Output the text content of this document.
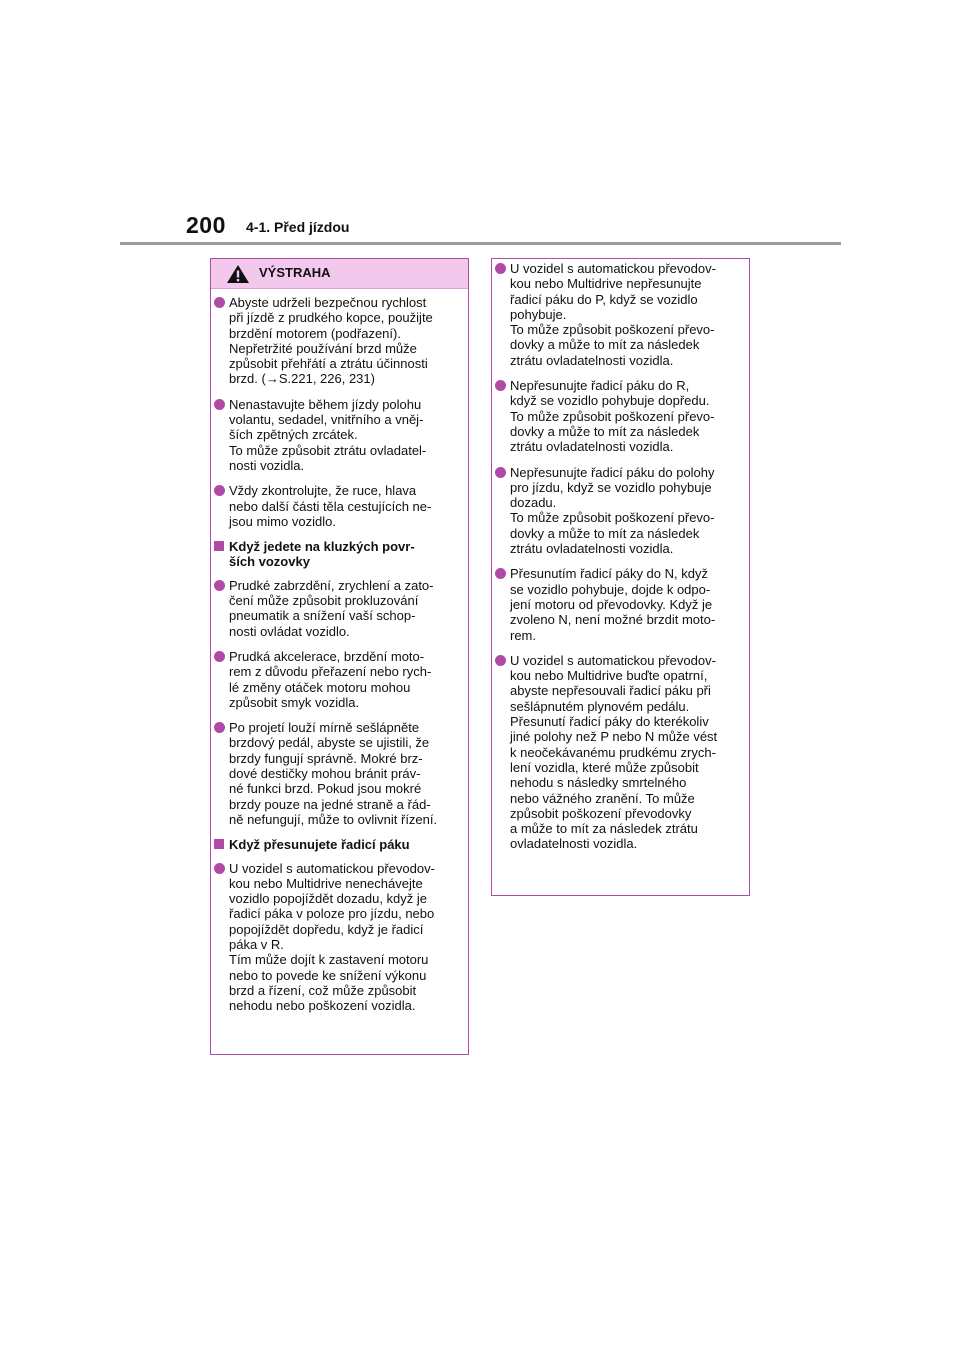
200 4-1. Před jízdou
VÝSTRAHA
Abyste udrželi bezpečnou rychlost
při jízdě z prudkého kopce, použijte
brzdění motorem (podřazení).
Nepřetržité používání brzd může
způsobit přehřátí a ztrátu účinnosti
brzd. (→S.221, 226, 231)
Nenastavujte během jízdy polohu
volantu, sedadel, vnitřního a vněj-
ších zpětných zrcátek.
To může způsobit ztrátu ovladatel-
nosti vozidla.
Vždy zkontrolujte, že ruce, hlava
nebo další části těla cestujících ne-
jsou mimo vozidlo.
Když jedete na kluzkých povr-
ších vozovky
Prudké zabrzdění, zrychlení a zato-
čení může způsobit prokluzování
pneumatik a snížení vaší schop-
nosti ovládat vozidlo.
Prudká akcelerace, brzdění moto-
rem z důvodu přeřazení nebo rych-
lé změny otáček motoru mohou
způsobit smyk vozidla.
Po projetí louží mírně sešlápněte
brzdový pedál, abyste se ujistili, že
brzdy fungují správně. Mokré brz-
dové destičky mohou bránit práv-
né funkci brzd. Pokud jsou mokré
brzdy pouze na jedné straně a řád-
ně nefungují, může to ovlivnit řízení.
Když přesunujete řadicí páku
U vozidel s automatickou převodov-
kou nebo Multidrive nenechávejte
vozidlo popojíždět dozadu, když je
řadicí páka v poloze pro jízdu, nebo
popojíždět dopředu, když je řadicí
páka v R.
Tím může dojít k zastavení motoru
nebo to povede ke snížení výkonu
brzd a řízení, což může způsobit
nehodu nebo poškození vozidla.
U vozidel s automatickou převodov-
kou nebo Multidrive nepřesunujte
řadicí páku do P, když se vozidlo
pohybuje.
To může způsobit poškození převo-
dovky a může to mít za následek
ztrátu ovladatelnosti vozidla.
Nepřesunujte řadicí páku do R,
když se vozidlo pohybuje dopředu.
To může způsobit poškození převo-
dovky a může to mít za následek
ztrátu ovladatelnosti vozidla.
Nepřesunujte řadicí páku do polohy
pro jízdu, když se vozidlo pohybuje
dozadu.
To může způsobit poškození převo-
dovky a může to mít za následek
ztrátu ovladatelnosti vozidla.
Přesunutím řadicí páky do N, když
se vozidlo pohybuje, dojde k odpo-
jení motoru od převodovky. Když je
zvoleno N, není možné brzdit moto-
rem.
U vozidel s automatickou převodov-
kou nebo Multidrive buďte opatrní,
abyste nepřesouvali řadicí páku při
sešlápnutém plynovém pedálu.
Přesunutí řadicí páky do kterékoliv
jiné polohy než P nebo N může vést
k neočekávanému prudkému zrych-
lení vozidla, které může způsobit
nehodu s následky smrtelného
nebo vážného zranění. To může
způsobit poškození převodovky
a může to mít za následek ztrátu
ovladatelnosti vozidla.
